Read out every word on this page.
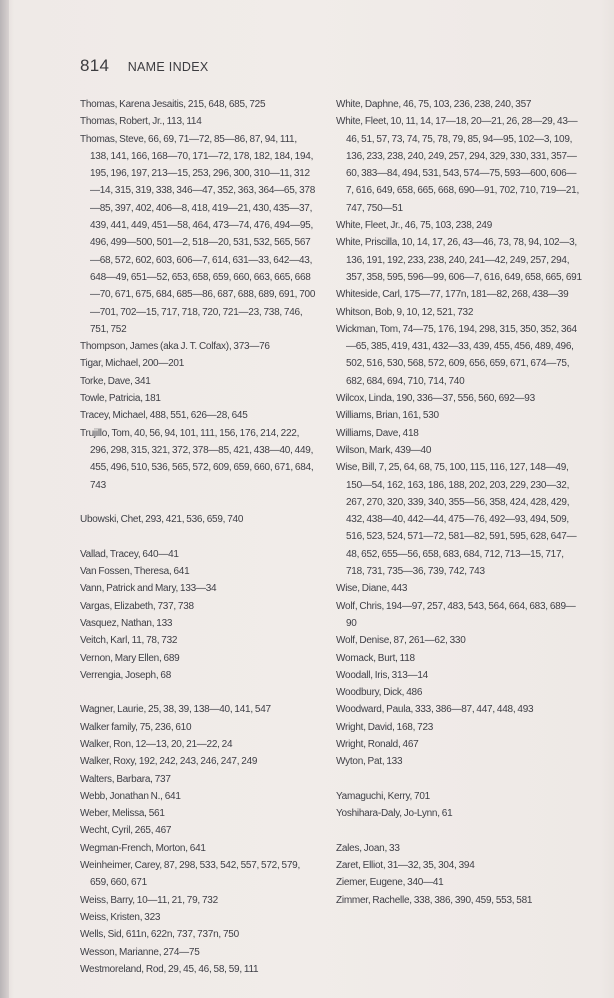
814 NAME INDEX
Thomas, Karena Jesaitis, 215, 648, 685, 725
Thomas, Robert, Jr., 113, 114
Thomas, Steve, 66, 69, 71—72, 85—86, 87, 94, 111, 138, 141, 166, 168—70, 171—72, 178, 182, 184, 194, 195, 196, 197, 213—15, 253, 296, 300, 310—11, 312—14, 315, 319, 338, 346—47, 352, 363, 364—65, 378—85, 397, 402, 406—8, 418, 419—21, 430, 435—37, 439, 441, 449, 451—58, 464, 473—74, 476, 494—95, 496, 499—500, 501—2, 518—20, 531, 532, 565, 567—68, 572, 602, 603, 606—7, 614, 631—33, 642—43, 648—49, 651—52, 653, 658, 659, 660, 663, 665, 668—70, 671, 675, 684, 685—86, 687, 688, 689, 691, 700—701, 702—15, 717, 718, 720, 721—23, 738, 746, 751, 752
Thompson, James (aka J. T. Colfax), 373—76
Tigar, Michael, 200—201
Torke, Dave, 341
Towle, Patricia, 181
Tracey, Michael, 488, 551, 626—28, 645
Trujillo, Tom, 40, 56, 94, 101, 111, 156, 176, 214, 222, 296, 298, 315, 321, 372, 378—85, 421, 438—40, 449, 455, 496, 510, 536, 565, 572, 609, 659, 660, 671, 684, 743
Ubowski, Chet, 293, 421, 536, 659, 740
Vallad, Tracey, 640—41
Van Fossen, Theresa, 641
Vann, Patrick and Mary, 133—34
Vargas, Elizabeth, 737, 738
Vasquez, Nathan, 133
Veitch, Karl, 11, 78, 732
Vernon, Mary Ellen, 689
Verrengia, Joseph, 68
Wagner, Laurie, 25, 38, 39, 138—40, 141, 547
Walker family, 75, 236, 610
Walker, Ron, 12—13, 20, 21—22, 24
Walker, Roxy, 192, 242, 243, 246, 247, 249
Walters, Barbara, 737
Webb, Jonathan N., 641
Weber, Melissa, 561
Wecht, Cyril, 265, 467
Wegman-French, Morton, 641
Weinheimer, Carey, 87, 298, 533, 542, 557, 572, 579, 659, 660, 671
Weiss, Barry, 10—11, 21, 79, 732
Weiss, Kristen, 323
Wells, Sid, 611n, 622n, 737, 737n, 750
Wesson, Marianne, 274—75
Westmoreland, Rod, 29, 45, 46, 58, 59, 111
White, Daphne, 46, 75, 103, 236, 238, 240, 357
White, Fleet, 10, 11, 14, 17—18, 20—21, 26, 28—29, 43—46, 51, 57, 73, 74, 75, 78, 79, 85, 94—95, 102—3, 109, 136, 233, 238, 240, 249, 257, 294, 329, 330, 331, 357—60, 383—84, 494, 531, 543, 574—75, 593—600, 606—7, 616, 649, 658, 665, 668, 690—91, 702, 710, 719—21, 747, 750—51
White, Fleet, Jr., 46, 75, 103, 238, 249
White, Priscilla, 10, 14, 17, 26, 43—46, 73, 78, 94, 102—3, 136, 191, 192, 233, 238, 240, 241—42, 249, 257, 294, 357, 358, 595, 596—99, 606—7, 616, 649, 658, 665, 691
Whiteside, Carl, 175—77, 177n, 181—82, 268, 438—39
Whitson, Bob, 9, 10, 12, 521, 732
Wickman, Tom, 74—75, 176, 194, 298, 315, 350, 352, 364—65, 385, 419, 431, 432—33, 439, 455, 456, 489, 496, 502, 516, 530, 568, 572, 609, 656, 659, 671, 674—75, 682, 684, 694, 710, 714, 740
Wilcox, Linda, 190, 336—37, 556, 560, 692—93
Williams, Brian, 161, 530
Williams, Dave, 418
Wilson, Mark, 439—40
Wise, Bill, 7, 25, 64, 68, 75, 100, 115, 116, 127, 148—49, 150—54, 162, 163, 186, 188, 202, 203, 229, 230—32, 267, 270, 320, 339, 340, 355—56, 358, 424, 428, 429, 432, 438—40, 442—44, 475—76, 492—93, 494, 509, 516, 523, 524, 571—72, 581—82, 591, 595, 628, 647—48, 652, 655—56, 658, 683, 684, 712, 713—15, 717, 718, 731, 735—36, 739, 742, 743
Wise, Diane, 443
Wolf, Chris, 194—97, 257, 483, 543, 564, 664, 683, 689—90
Wolf, Denise, 87, 261—62, 330
Womack, Burt, 118
Woodall, Iris, 313—14
Woodbury, Dick, 486
Woodward, Paula, 333, 386—87, 447, 448, 493
Wright, David, 168, 723
Wright, Ronald, 467
Wyton, Pat, 133
Yamaguchi, Kerry, 701
Yoshihara-Daly, Jo-Lynn, 61
Zales, Joan, 33
Zaret, Elliot, 31—32, 35, 304, 394
Ziemer, Eugene, 340—41
Zimmer, Rachelle, 338, 386, 390, 459, 553, 581
